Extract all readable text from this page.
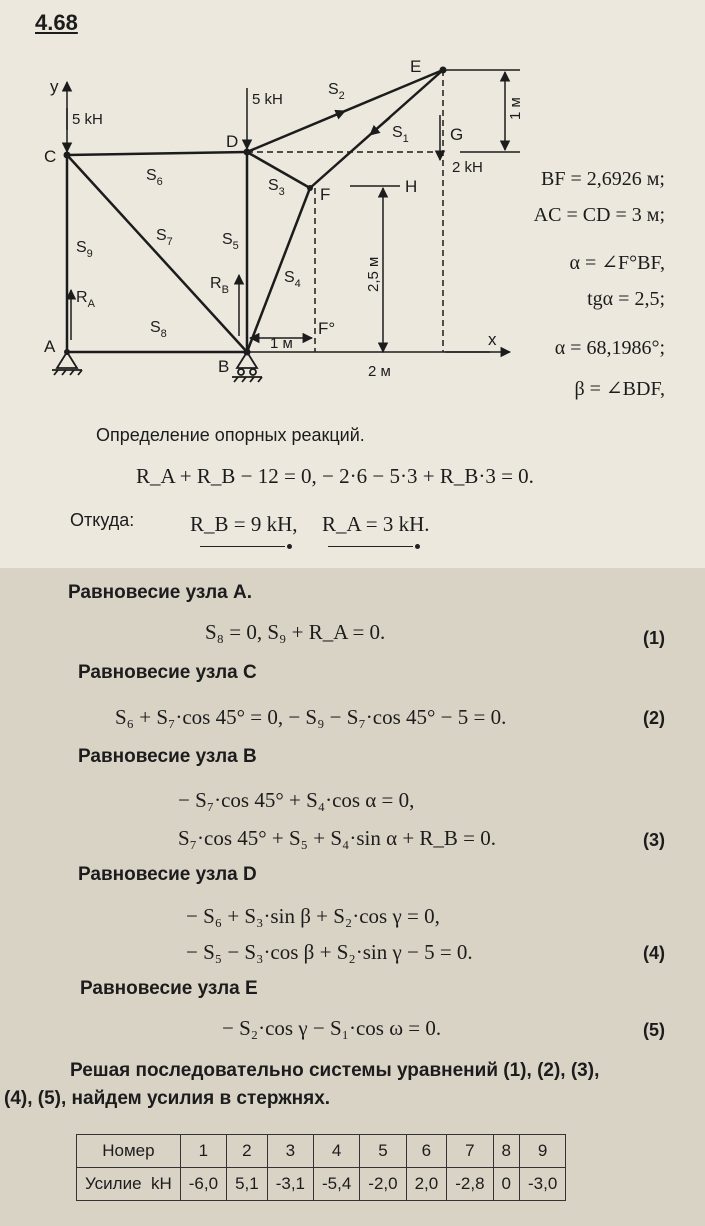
4.68
y
x
A
B
C
D
E
F
G
H
F°
5 kH
5 kH
2 kH
$R_A$
$R_B$
$S_1$
$S_2$
$S_3$
$S_4$
$S_5$
$S_6$
$S_7$
$S_8$
$S_9$
1 м
2,5 м
1 м
2 м
BF = 2,6926 м;
AC = CD = 3 м;
α = ∠F°BF,
tgα = 2,5;
α = 68,1986°;
β = ∠BDF,
Определение опорных реакций.
R_A + R_B − 12 = 0, − 2·6 − 5·3 + R_B·3 = 0.
Откуда:	R_B = 9 kH, R_A = 3 kH.
Равновесие узла A.
S₈ = 0, S₉ + R_A = 0.	(1)
Равновесие узла C
S₆ + S₇·cos 45° = 0, − S₉ − S₇·cos 45° − 5 = 0.	(2)
Равновесие узла B
− S₇·cos 45° + S₄·cos α = 0,
S₇·cos 45° + S₅ + S₄·sin α + R_B = 0.	(3)
Равновесие узла D
− S₆ + S₃·sin β + S₂·cos γ = 0,
− S₅ − S₃·cos β + S₂·sin γ − 5 = 0.	(4)
Равновесие узла E
− S₂·cos γ − S₁·cos ω = 0.	(5)
Решая последовательно системы уравнений (1), (2), (3),
(4), (5), найдем усилия в стержнях.
Номер	1	2	3	4	5	6	7	8	9
Усилие  kH	-6,0	5,1	-3,1	-5,4	-2,0	2,0	-2,8	0	-3,0
